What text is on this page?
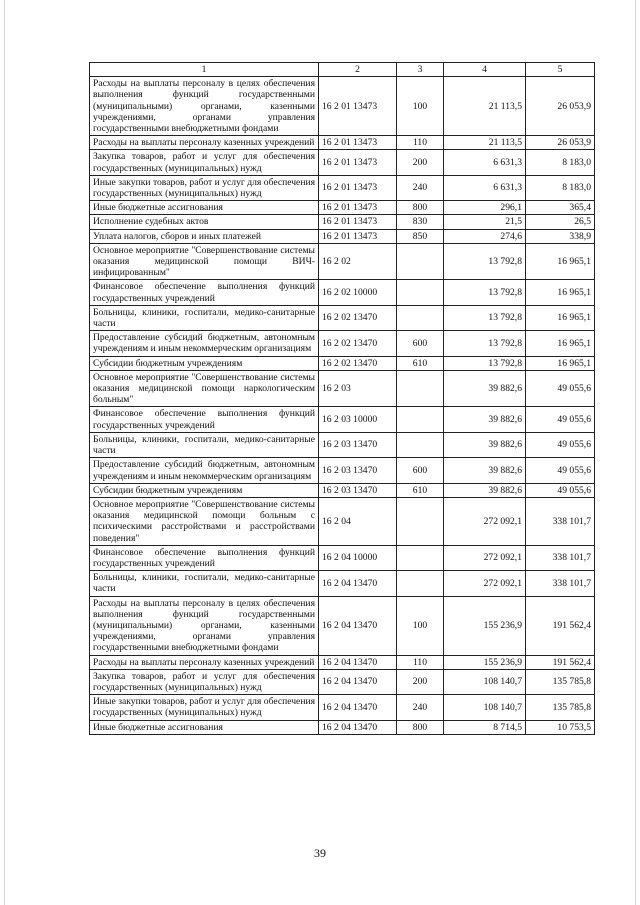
1	2	3	4	5
Расходы на выплаты персоналу в целях обеспечения выполнения функций государственными (муниципальными) органами, казенными учреждениями, органами управления государственными внебюджетными фондами	16 2 01 13473	100	21 113,5	26 053,9
Расходы на выплаты персоналу казенных учреждений	16 2 01 13473	110	21 113,5	26 053,9
Закупка товаров, работ и услуг для обеспечения государственных (муниципальных) нужд	16 2 01 13473	200	6 631,3	8 183,0
Иные закупки товаров, работ и услуг для обеспечения государственных (муниципальных) нужд	16 2 01 13473	240	6 631,3	8 183,0
Иные бюджетные ассигнования	16 2 01 13473	800	296,1	365,4
Исполнение судебных актов	16 2 01 13473	830	21,5	26,5
Уплата налогов, сборов и иных платежей	16 2 01 13473	850	274,6	338,9
Основное мероприятие "Совершенствование системы оказания медицинской помощи ВИЧ-инфицированным"	16 2 02		13 792,8	16 965,1
Финансовое обеспечение выполнения функций государственных учреждений	16 2 02 10000		13 792,8	16 965,1
Больницы, клиники, госпитали, медико-санитарные части	16 2 02 13470		13 792,8	16 965,1
Предоставление субсидий бюджетным, автономным учреждениям и иным некоммерческим организациям	16 2 02 13470	600	13 792,8	16 965,1
Субсидии бюджетным учреждениям	16 2 02 13470	610	13 792,8	16 965,1
Основное мероприятие "Совершенствование системы оказания медицинской помощи наркологическим больным"	16 2 03		39 882,6	49 055,6
Финансовое обеспечение выполнения функций государственных учреждений	16 2 03 10000		39 882,6	49 055,6
Больницы, клиники, госпитали, медико-санитарные части	16 2 03 13470		39 882,6	49 055,6
Предоставление субсидий бюджетным, автономным учреждениям и иным некоммерческим организациям	16 2 03 13470	600	39 882,6	49 055,6
Субсидии бюджетным учреждениям	16 2 03 13470	610	39 882,6	49 055,6
Основное мероприятие "Совершенствование системы оказания медицинской помощи больным с психическими расстройствами и расстройствами поведения"	16 2 04		272 092,1	338 101,7
Финансовое обеспечение выполнения функций государственных учреждений	16 2 04 10000		272 092,1	338 101,7
Больницы, клиники, госпитали, медико-санитарные части	16 2 04 13470		272 092,1	338 101,7
Расходы на выплаты персоналу в целях обеспечения выполнения функций государственными (муниципальными) органами, казенными учреждениями, органами управления государственными внебюджетными фондами	16 2 04 13470	100	155 236,9	191 562,4
Расходы на выплаты персоналу казенных учреждений	16 2 04 13470	110	155 236,9	191 562,4
Закупка товаров, работ и услуг для обеспечения государственных (муниципальных) нужд	16 2 04 13470	200	108 140,7	135 785,8
Иные закупки товаров, работ и услуг для обеспечения государственных (муниципальных) нужд	16 2 04 13470	240	108 140,7	135 785,8
Иные бюджетные ассигнования	16 2 04 13470	800	8 714,5	10 753,5
39
